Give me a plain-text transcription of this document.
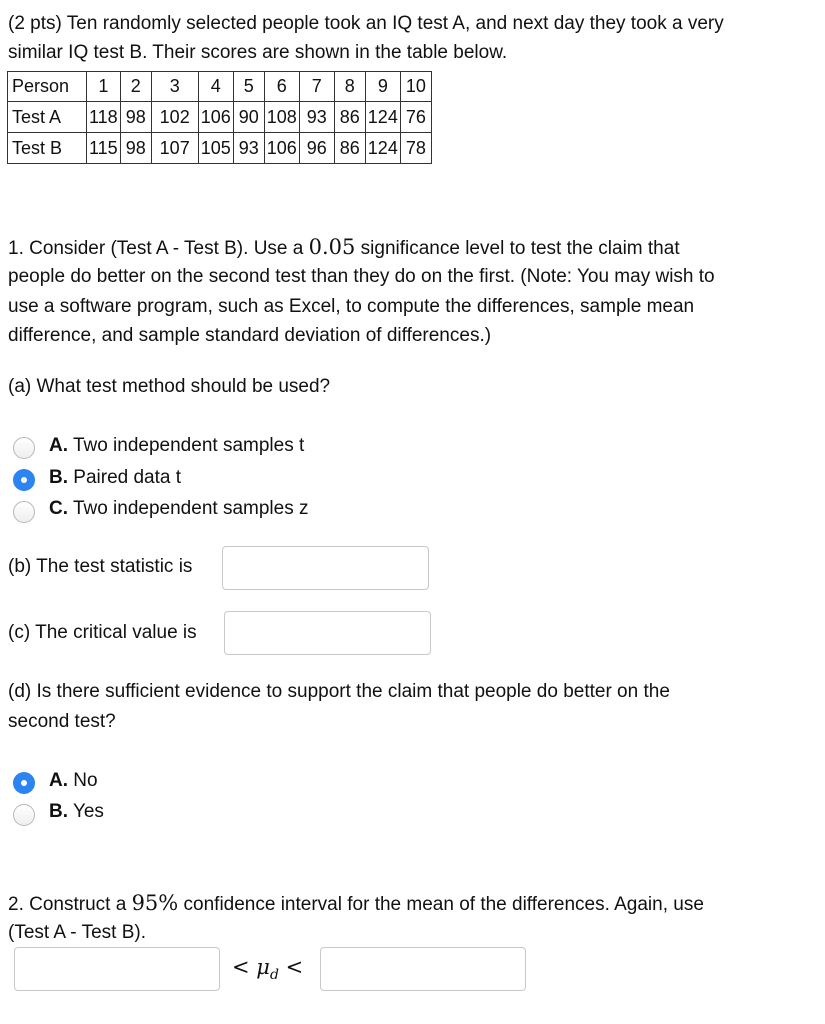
(2 pts) Ten randomly selected people took an IQ test A, and next day they took a very
similar IQ test B. Their scores are shown in the table below.
Person	1	2	3	4	5	6	7	8	9	10
Test A	118	98	102	106	90	108	93	86	124	76
Test B	115	98	107	105	93	106	96	86	124	78
1. Consider (Test A - Test B). Use a 0.05 significance level to test the claim that
people do better on the second test than they do on the first. (Note: You may wish to
use a software program, such as Excel, to compute the differences, sample mean
difference, and sample standard deviation of differences.)
(a) What test method should be used?
A. Two independent samples t
B. Paired data t
C. Two independent samples z
(b) The test statistic is
(c) The critical value is
(d) Is there sufficient evidence to support the claim that people do better on the
second test?
A. No
B. Yes
2. Construct a 95% confidence interval for the mean of the differences. Again, use
(Test A - Test B).
< $\mu_d$ <
